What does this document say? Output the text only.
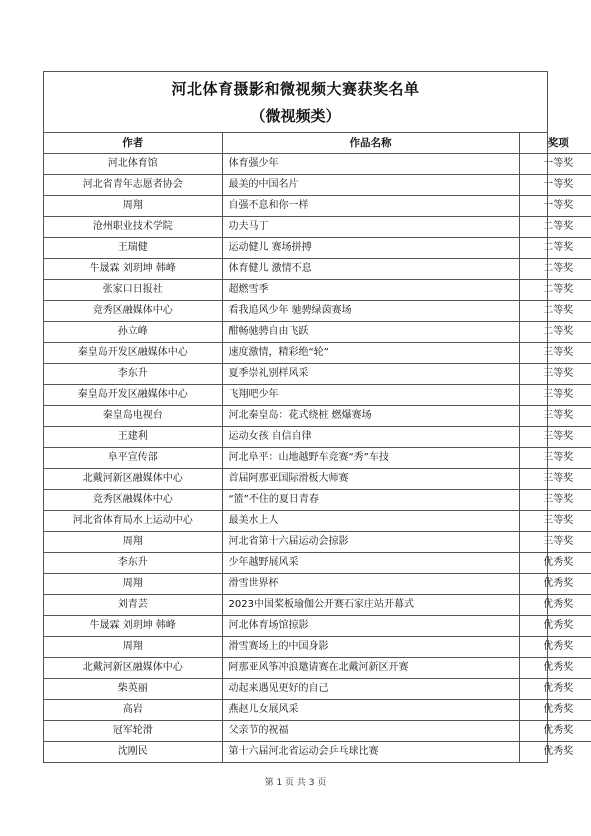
河北体育摄影和微视频大赛获奖名单
（微视频类）
作者	作品名称	奖项
河北体育馆	体育强少年	一等奖
河北省青年志愿者协会	最美的中国名片	一等奖
周翔	自强不息和你一样	一等奖
沧州职业技术学院	功夫马丁	二等奖
王瑞健	运动健儿 赛场拼搏	二等奖
牛晟霖 刘玥坤 韩峰	体育健儿 激情不息	二等奖
张家口日报社	超燃雪季	二等奖
竞秀区融媒体中心	看我追风少年 驰骋绿茵赛场	二等奖
孙立峰	酣畅驰骋自由飞跃	二等奖
秦皇岛开发区融媒体中心	速度激情，精彩绝“轮”	三等奖
李东升	夏季崇礼别样风采	三等奖
秦皇岛开发区融媒体中心	飞翔吧少年	三等奖
秦皇岛电视台	河北秦皇岛：花式绕桩 燃爆赛场	三等奖
王建利	运动女孩 自信自律	三等奖
阜平宣传部	河北阜平：山地越野车竞赛“秀”车技	三等奖
北戴河新区融媒体中心	首届阿那亚国际滑板大师赛	三等奖
竞秀区融媒体中心	“篮”不住的夏日青春	三等奖
河北省体育局水上运动中心	最美水上人	三等奖
周翔	河北省第十六届运动会掠影	三等奖
李东升	少年越野展风采	优秀奖
周翔	滑雪世界杯	优秀奖
刘青芸	2023中国桨板瑜伽公开赛石家庄站开幕式	优秀奖
牛晟霖 刘玥坤 韩峰	河北体育场馆掠影	优秀奖
周翔	滑雪赛场上的中国身影	优秀奖
北戴河新区融媒体中心	阿那亚风筝冲浪邀请赛在北戴河新区开赛	优秀奖
柴英丽	动起来遇见更好的自己	优秀奖
高岩	燕赵儿女展风采	优秀奖
冠军轮滑	父亲节的祝福	优秀奖
沈刚民	第十六届河北省运动会乒乓球比赛	优秀奖
第 1 页 共 3 页
